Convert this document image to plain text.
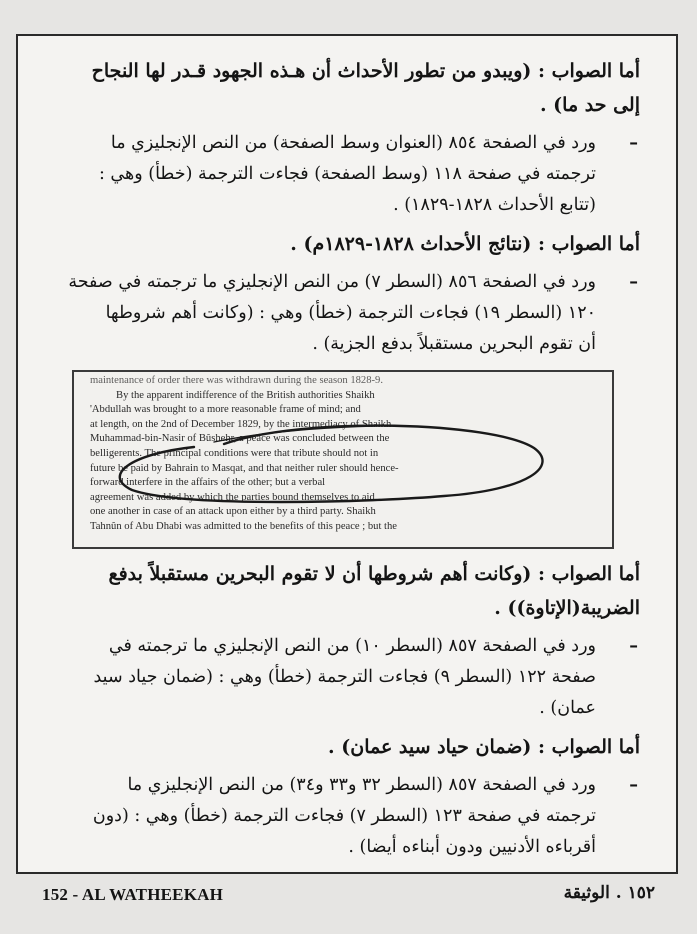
أما الصواب : (ويبدو من تطور الأحداث أن هـذه الجهود قـدر لها النجاح
إلى حد ما) .
–
ورد في الصفحة ٨٥٤ (العنوان وسط الصفحة) من النص الإنجليزي ما
ترجمته في صفحة ١١٨ (وسط الصفحة) فجاءت الترجمة (خطأ) وهي :
(تتابع الأحداث ١٨٢٨-١٨٢٩) .
أما الصواب : (نتائج الأحداث ١٨٢٨-١٨٢٩م) .
–
ورد في الصفحة ٨٥٦ (السطر ٧) من النص الإنجليزي ما ترجمته في صفحة
١٢٠ (السطر ١٩) فجاءت الترجمة (خطأ) وهي : (وكانت أهم شروطها
أن تقوم البحرين مستقبلاً بدفع الجزية) .
maintenance of order there was withdrawn during the season 1828-9.
By the apparent indifference of the British authorities Shaikh
'Abdullah was brought to a more reasonable frame of mind; and
at length, on the 2nd of December 1829, by the intermediacy of Shaikh
Muhammad-bin-Nasir of Bûshehr, a peace was concluded between the
belligerents. The principal conditions were that tribute should not in
future be paid by Bahrain to Masqat, and that neither ruler should hence-
forward interfere in the affairs of the other; but a verbal
agreement was added by which the parties bound themselves to aid
one another in case of an attack upon either by a third party. Shaikh
Tahnûn of Abu Dhabi was admitted to the benefits of this peace ; but the
أما الصواب : (وكانت أهم شروطها أن لا تقوم البحرين مستقبلاً بدفع
الضريبة(الإتاوة)) .
–
ورد في الصفحة ٨٥٧ (السطر ١٠) من النص الإنجليزي ما ترجمته في
صفحة ١٢٢ (السطر ٩) فجاءت الترجمة (خطأ) وهي : (ضمان جياد سيد
عمان) .
أما الصواب : (ضمان حياد سيد عمان) .
–
ورد في الصفحة ٨٥٧ (السطر ٣٢ و٣٣ و٣٤) من النص الإنجليزي ما
ترجمته في صفحة ١٢٣ (السطر ٧) فجاءت الترجمة (خطأ) وهي : (دون
أقرباءه الأدنيين ودون أبناءه أيضا) .
152 - AL WATHEEKAH	١٥٢ . الوثيقة
